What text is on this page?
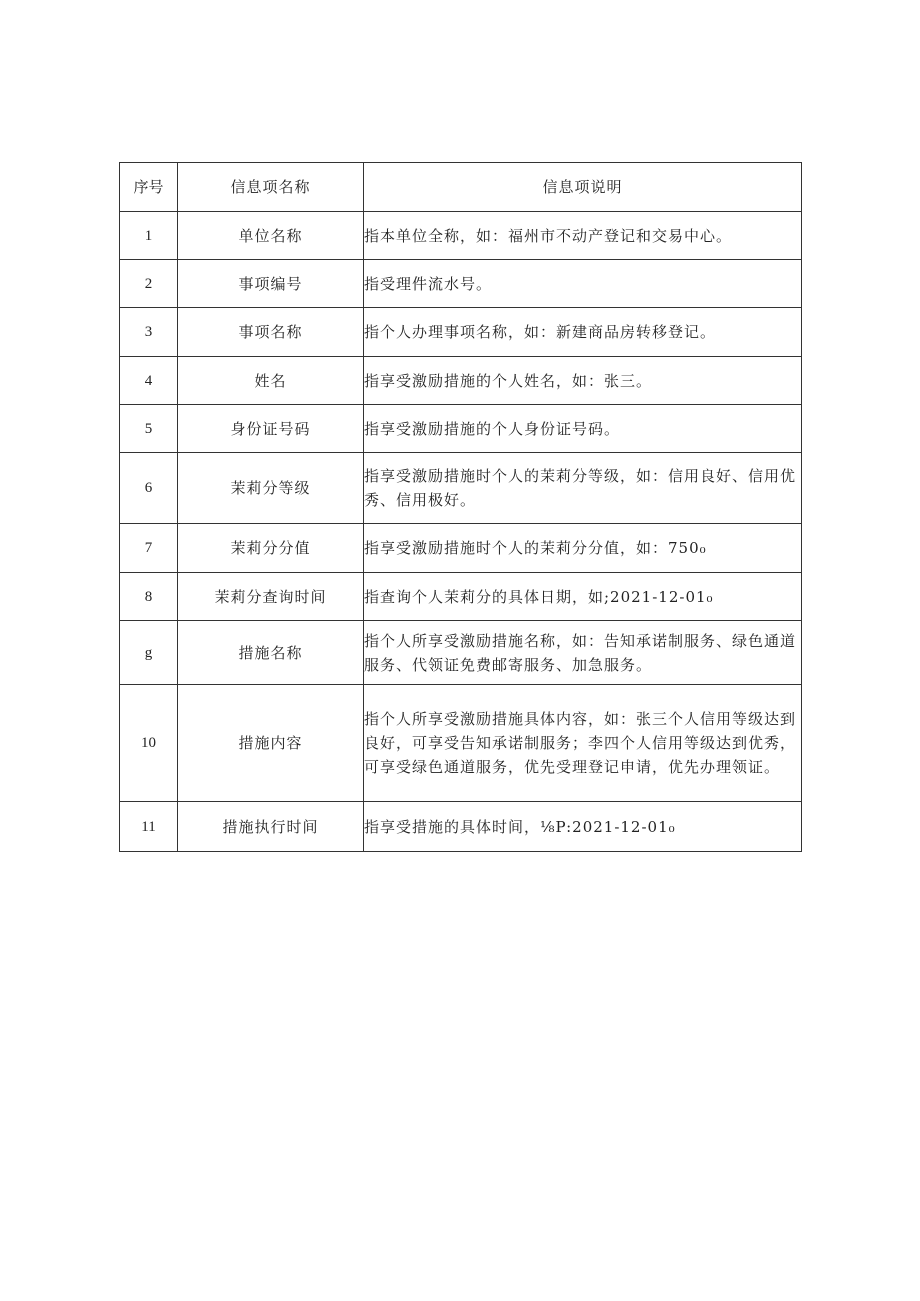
序号	信息项名称	信息项说明
1	单位名称	指本单位全称，如：福州市不动产登记和交易中心。
2	事项编号	指受理件流水号。
3	事项名称	指个人办理事项名称，如：新建商品房转移登记。
4	姓名	指享受激励措施的个人姓名，如：张三。
5	身份证号码	指享受激励措施的个人身份证号码。
6	茉莉分等级	指享受激励措施时个人的茉莉分等级，如：信用良好、信用优秀、信用极好。
7	茉莉分分值	指享受激励措施时个人的茉莉分分值，如：750₀
8	茉莉分查询时间	指查询个人茉莉分的具体日期，如;2021-12-01₀
g	措施名称	指个人所享受激励措施名称，如：告知承诺制服务、绿色通道服务、代领证免费邮寄服务、加急服务。
10	措施内容	指个人所享受激励措施具体内容，如：张三个人信用等级达到良好，可享受告知承诺制服务；李四个人信用等级达到优秀，可享受绿色通道服务，优先受理登记申请，优先办理领证。
11	措施执行时间	指享受措施的具体时间，⅛P:2021-12-01₀
